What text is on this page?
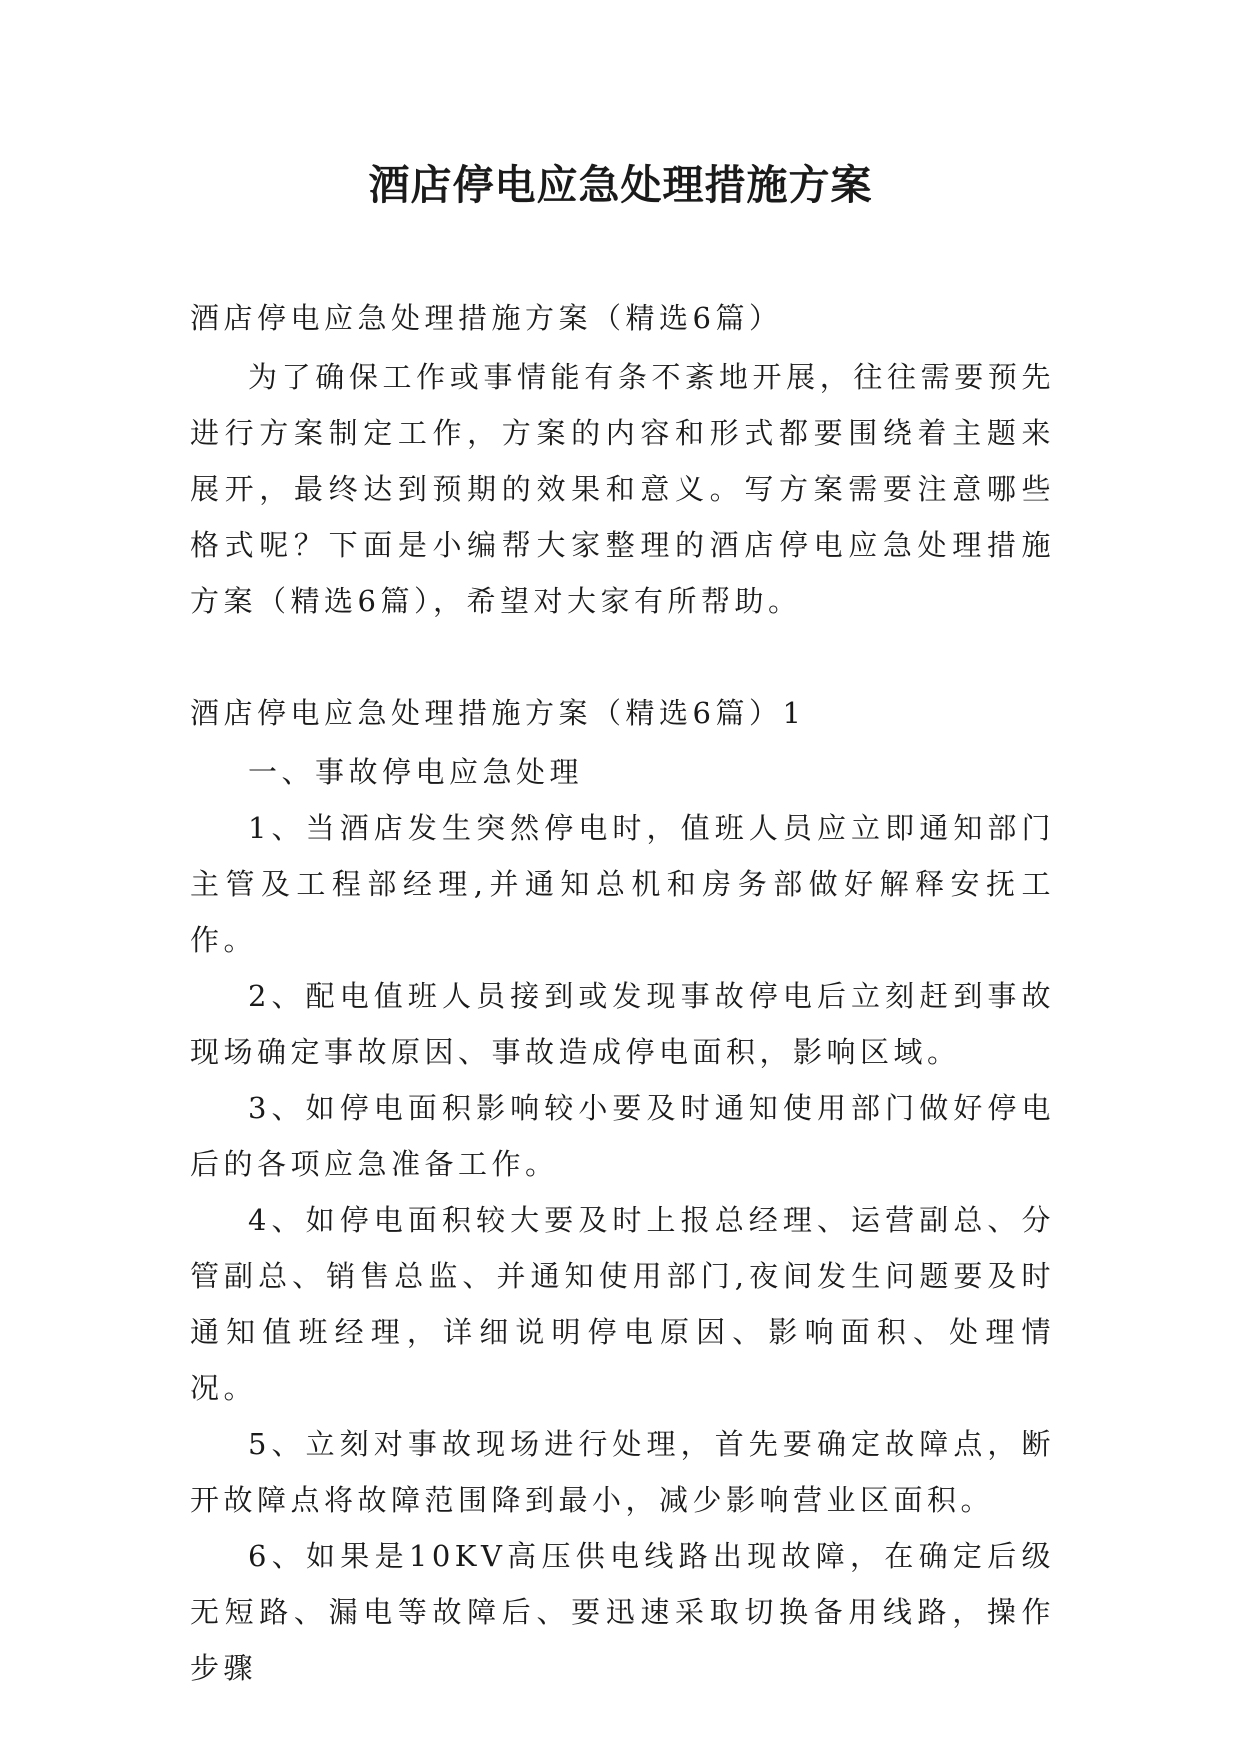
酒店停电应急处理措施方案

酒店停电应急处理措施方案（精选6篇）

为了确保工作或事情能有条不紊地开展，往往需要预先进行方案制定工作，方案的内容和形式都要围绕着主题来展开，最终达到预期的效果和意义。写方案需要注意哪些格式呢？下面是小编帮大家整理的酒店停电应急处理措施方案（精选6篇），希望对大家有所帮助。

酒店停电应急处理措施方案（精选6篇）1

一、事故停电应急处理

1、当酒店发生突然停电时，值班人员应立即通知部门主管及工程部经理,并通知总机和房务部做好解释安抚工作。

2、配电值班人员接到或发现事故停电后立刻赶到事故现场确定事故原因、事故造成停电面积，影响区域。

3、如停电面积影响较小要及时通知使用部门做好停电后的各项应急准备工作。

4、如停电面积较大要及时上报总经理、运营副总、分管副总、销售总监、并通知使用部门,夜间发生问题要及时通知值班经理，详细说明停电原因、影响面积、处理情况。

5、立刻对事故现场进行处理，首先要确定故障点，断开故障点将故障范围降到最小，减少影响营业区面积。

6、如果是10KV高压供电线路出现故障，在确定后级无短路、漏电等故障后、要迅速采取切换备用线路，操作步骤
